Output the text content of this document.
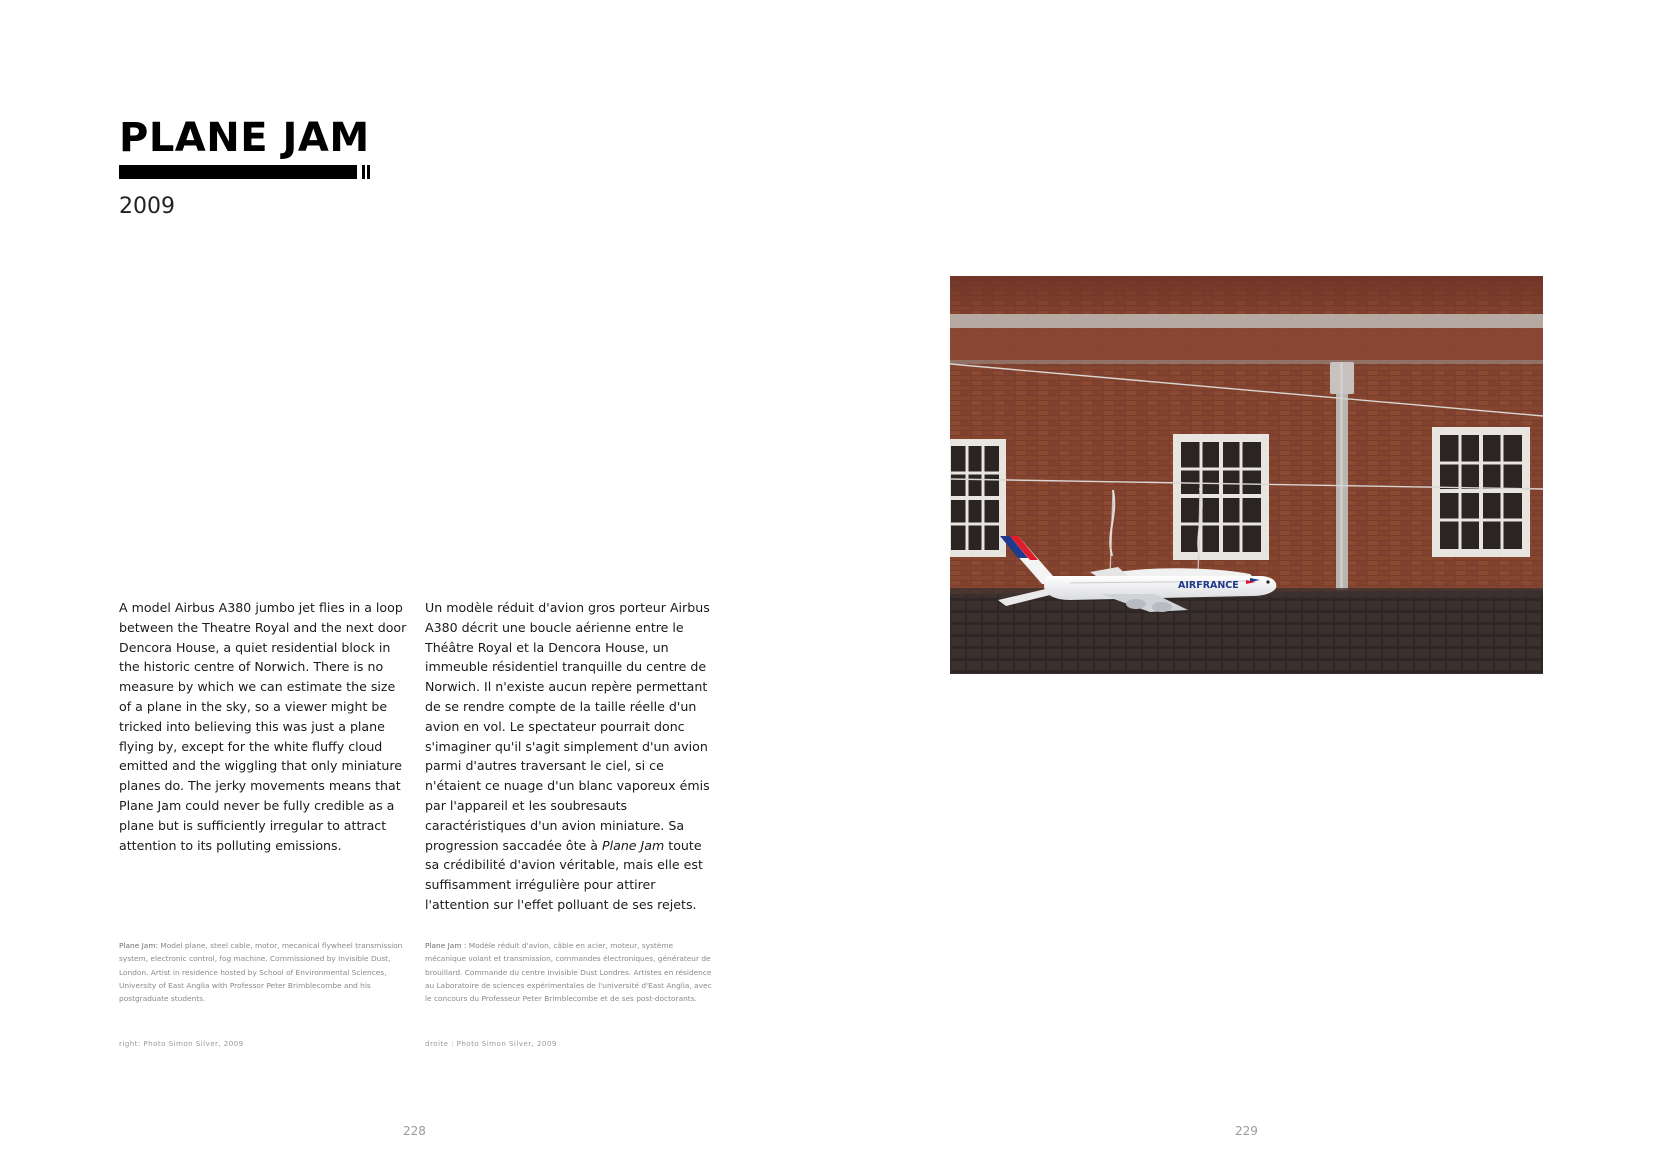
PLANE JAM
2009

A model Airbus A380 jumbo jet flies in a loop between the Theatre Royal and the next door Dencora House, a quiet residential block in the historic centre of Norwich. There is no measure by which we can estimate the size of a plane in the sky, so a viewer might be tricked into believing this was just a plane flying by, except for the white fluffy cloud emitted and the wiggling that only miniature planes do. The jerky movements means that Plane Jam could never be fully credible as a plane but is sufficiently irregular to attract attention to its polluting emissions.

Un modèle réduit d'avion gros porteur Airbus A380 décrit une boucle aérienne entre le Théâtre Royal et la Dencora House, un immeuble résidentiel tranquille du centre de Norwich. Il n'existe aucun repère permettant de se rendre compte de la taille réelle d'un avion en vol. Le spectateur pourrait donc s'imaginer qu'il s'agit simplement d'un avion parmi d'autres traversant le ciel, si ce n'étaient ce nuage d'un blanc vaporeux émis par l'appareil et les soubresauts caractéristiques d'un avion miniature. Sa progression saccadée ôte à Plane Jam toute sa crédibilité d'avion véritable, mais elle est suffisamment irrégulière pour attirer l'attention sur l'effet polluant de ses rejets.

Plane Jam: Model plane, steel cable, motor, mecanical flywheel transmission system, electronic control, fog machine. Commissioned by Invisible Dust, London. Artist in residence hosted by School of Environmental Sciences, University of East Anglia with Professor Peter Brimblecombe and his postgraduate students.
Plane Jam : Modèle réduit d'avion, câble en acier, moteur, système mécanique volant et transmission, commandes électroniques, générateur de brouillard. Commande du centre Invisible Dust Londres. Artistes en résidence au Laboratoire de sciences expérimentales de l'université d'East Anglia, avec le concours du Professeur Peter Brimblecombe et de ses post-doctorants.
right: Photo Simon Silver, 2009	droite : Photo Simon Silver, 2009
228
AIRFRANCE
229
